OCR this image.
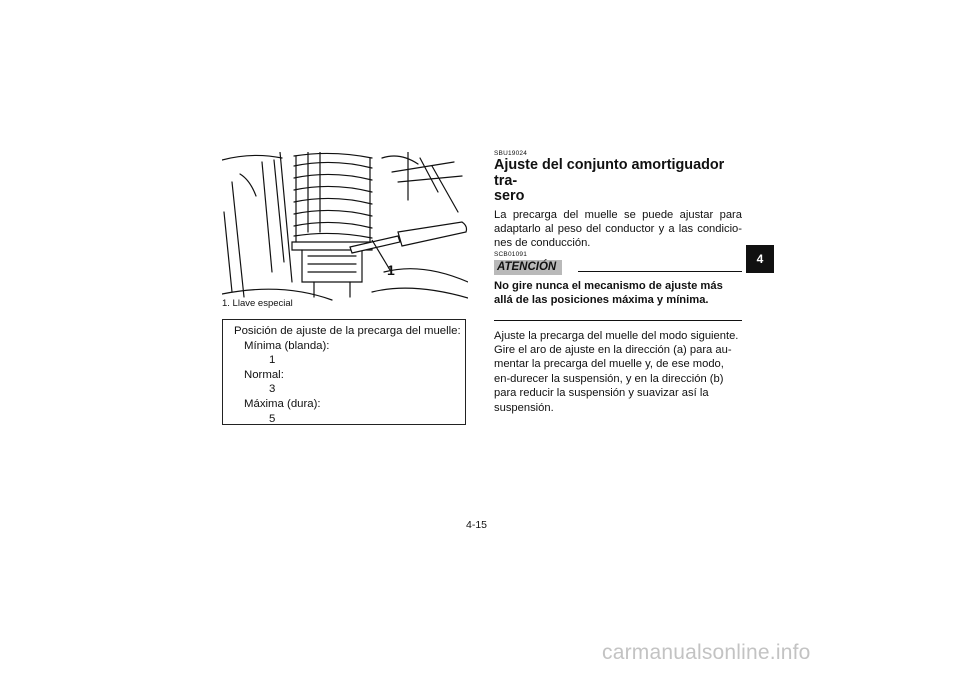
1
1. Llave especial
Posición de ajuste de la precarga del muelle:
Mínima (blanda):
1
Normal:
3
Máxima (dura):
5
SBU19024
Ajuste del conjunto amortiguador tra-
sero

La precarga del muelle se puede ajustar para adaptarlo al peso del conductor y a las condicio-nes de conducción.

SCB01091
ATENCIÓN

No gire nunca el mecanismo de ajuste más allá de las posiciones máxima y mínima.

Ajuste la precarga del muelle del modo siguiente. Gire el aro de ajuste en la dirección (a) para au-mentar la precarga del muelle y, de ese modo, en-durecer la suspensión, y en la dirección (b) para reducir la suspensión y suavizar así la suspensión.

4
4-15
carmanualsonline.info
